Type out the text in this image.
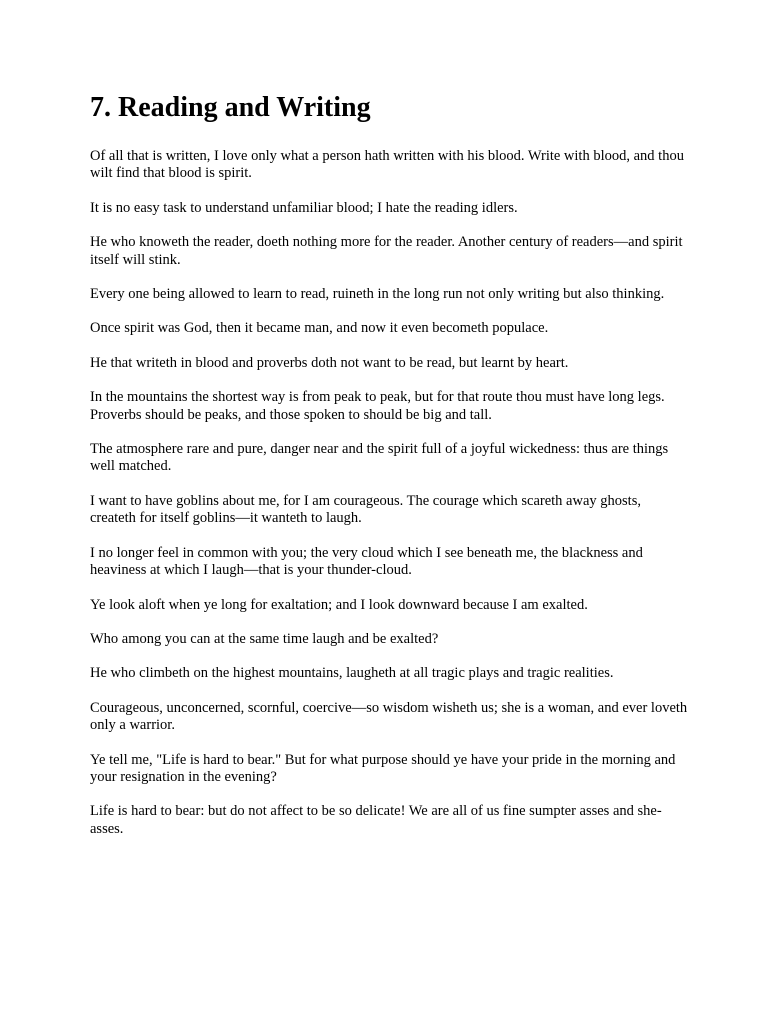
7. Reading and Writing

Of all that is written, I love only what a person hath written with his blood. Write with blood, and thou wilt find that blood is spirit.

It is no easy task to understand unfamiliar blood; I hate the reading idlers.

He who knoweth the reader, doeth nothing more for the reader. Another century of readers—and spirit itself will stink.

Every one being allowed to learn to read, ruineth in the long run not only writing but also thinking.

Once spirit was God, then it became man, and now it even becometh populace.

He that writeth in blood and proverbs doth not want to be read, but learnt by heart.

In the mountains the shortest way is from peak to peak, but for that route thou must have long legs. Proverbs should be peaks, and those spoken to should be big and tall.

The atmosphere rare and pure, danger near and the spirit full of a joyful wickedness: thus are things well matched.

I want to have goblins about me, for I am courageous. The courage which scareth away ghosts, createth for itself goblins—it wanteth to laugh.

I no longer feel in common with you; the very cloud which I see beneath me, the blackness and heaviness at which I laugh—that is your thunder-cloud.

Ye look aloft when ye long for exaltation; and I look downward because I am exalted.

Who among you can at the same time laugh and be exalted?

He who climbeth on the highest mountains, laugheth at all tragic plays and tragic realities.

Courageous, unconcerned, scornful, coercive—so wisdom wisheth us; she is a woman, and ever loveth only a warrior.

Ye tell me, "Life is hard to bear." But for what purpose should ye have your pride in the morning and your resignation in the evening?

Life is hard to bear: but do not affect to be so delicate! We are all of us fine sumpter asses and she-asses.
